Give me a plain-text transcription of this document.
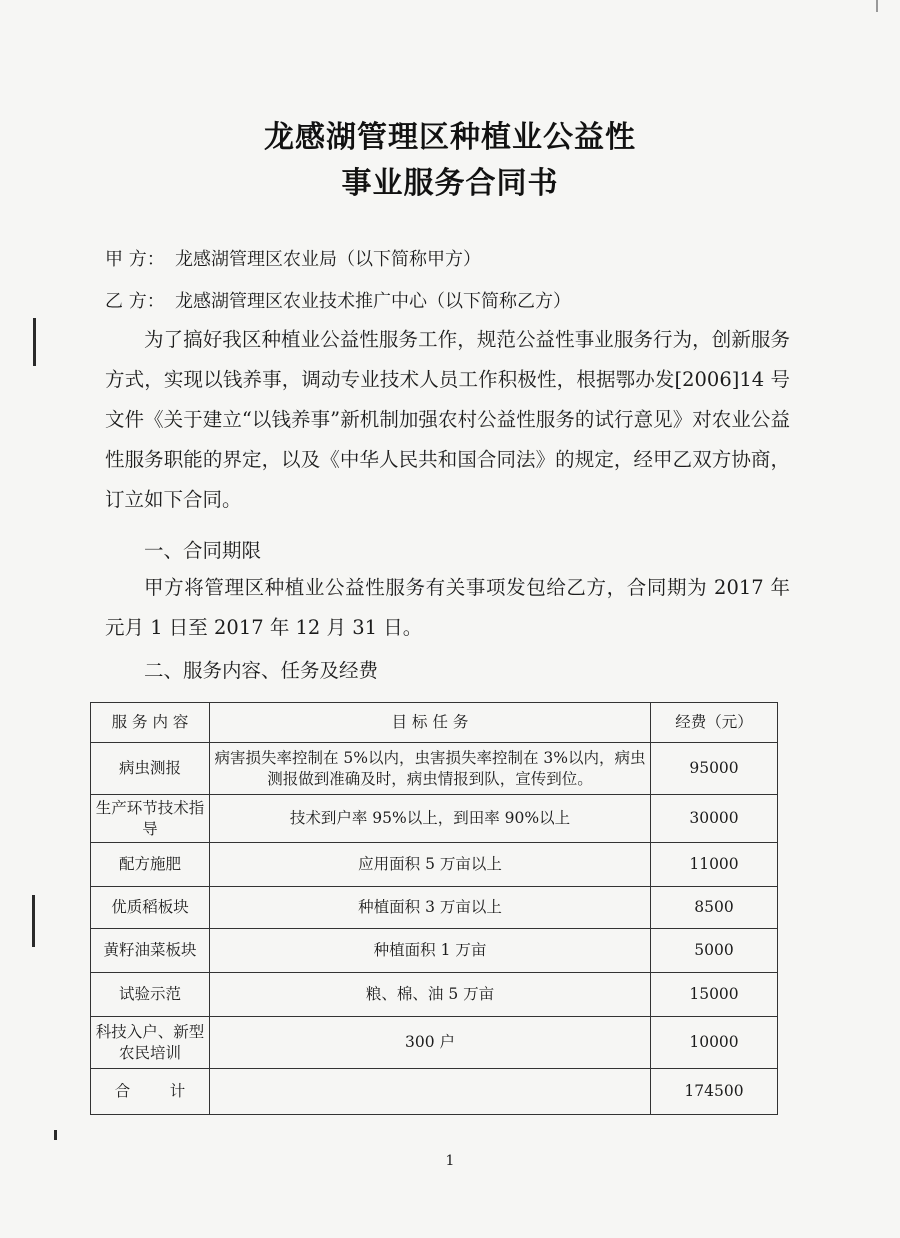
龙感湖管理区种植业公益性
事业服务合同书
甲 方： 龙感湖管理区农业局（以下简称甲方）
乙 方： 龙感湖管理区农业技术推广中心（以下简称乙方）
为了搞好我区种植业公益性服务工作，规范公益性事业服务行为，创新服务方式，实现以钱养事，调动专业技术人员工作积极性，根据鄂办发[2006]14 号文件《关于建立“以钱养事”新机制加强农村公益性服务的试行意见》对农业公益性服务职能的界定，以及《中华人民共和国合同法》的规定，经甲乙双方协商，订立如下合同。
一、合同期限
甲方将管理区种植业公益性服务有关事项发包给乙方，合同期为 2017 年元月 1 日至 2017 年 12 月 31 日。
二、服务内容、任务及经费
服 务 内 容	目 标 任 务	经费（元）
病虫测报	病害损失率控制在 5%以内，虫害损失率控制在 3%以内，病虫测报做到准确及时，病虫情报到队，宣传到位。	95000
生产环节技术指导	技术到户率 95%以上，到田率 90%以上	30000
配方施肥	应用面积 5 万亩以上	11000
优质稻板块	种植面积 3 万亩以上	8500
黄籽油菜板块	种植面积 1 万亩	5000
试验示范	粮、棉、油 5 万亩	15000
科技入户、新型农民培训	300 户	10000
合        计		174500
1
